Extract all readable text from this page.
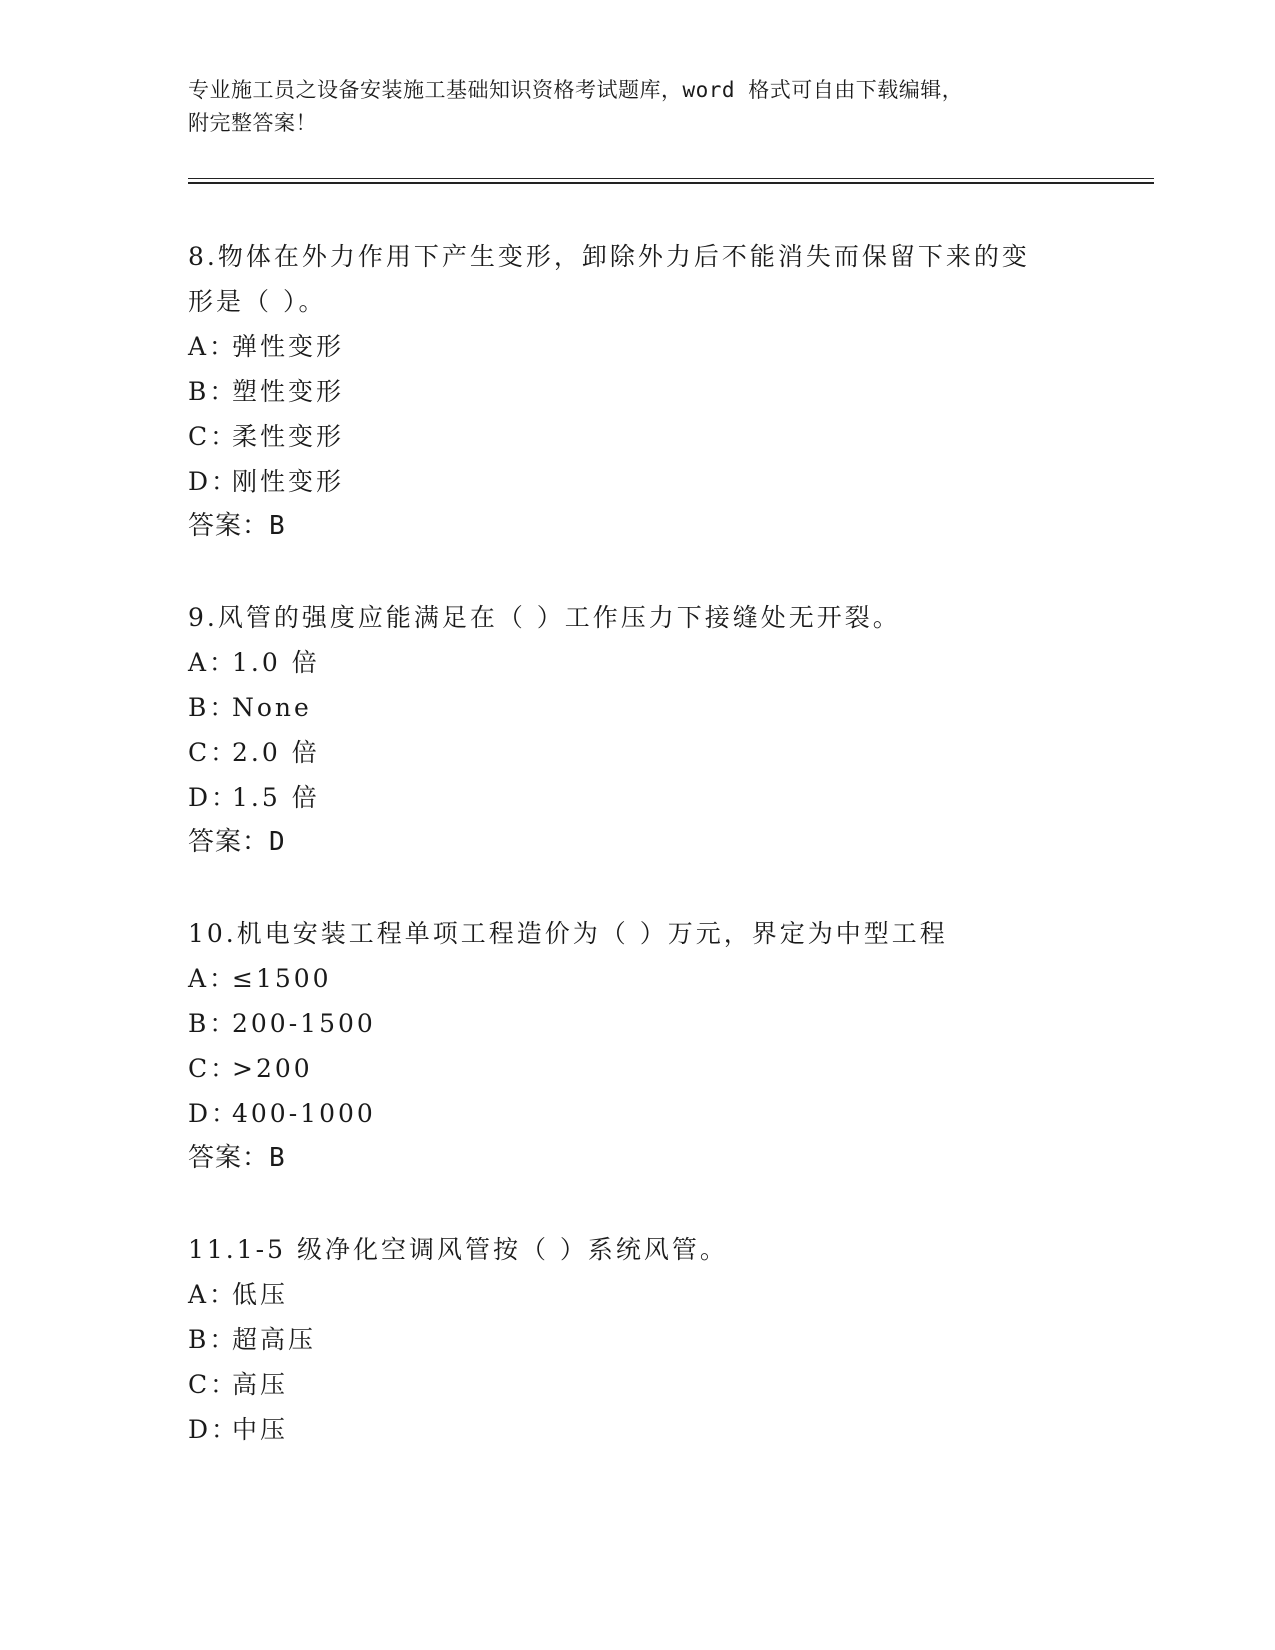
专业施工员之设备安装施工基础知识资格考试题库，word 格式可自由下载编辑，
附完整答案！
8.物体在外力作用下产生变形，卸除外力后不能消失而保留下来的变
形是（ ）。
A：弹性变形
B：塑性变形
C：柔性变形
D：刚性变形
答案：B
9.风管的强度应能满足在（ ）工作压力下接缝处无开裂。
A：1.0 倍
B：None
C：2.0 倍
D：1.5 倍
答案：D
10.机电安装工程单项工程造价为（ ）万元，界定为中型工程
A：≤1500
B：200-1500
C：>200
D：400-1000
答案：B
11.1-5 级净化空调风管按（ ）系统风管。
A：低压
B：超高压
C：高压
D：中压
